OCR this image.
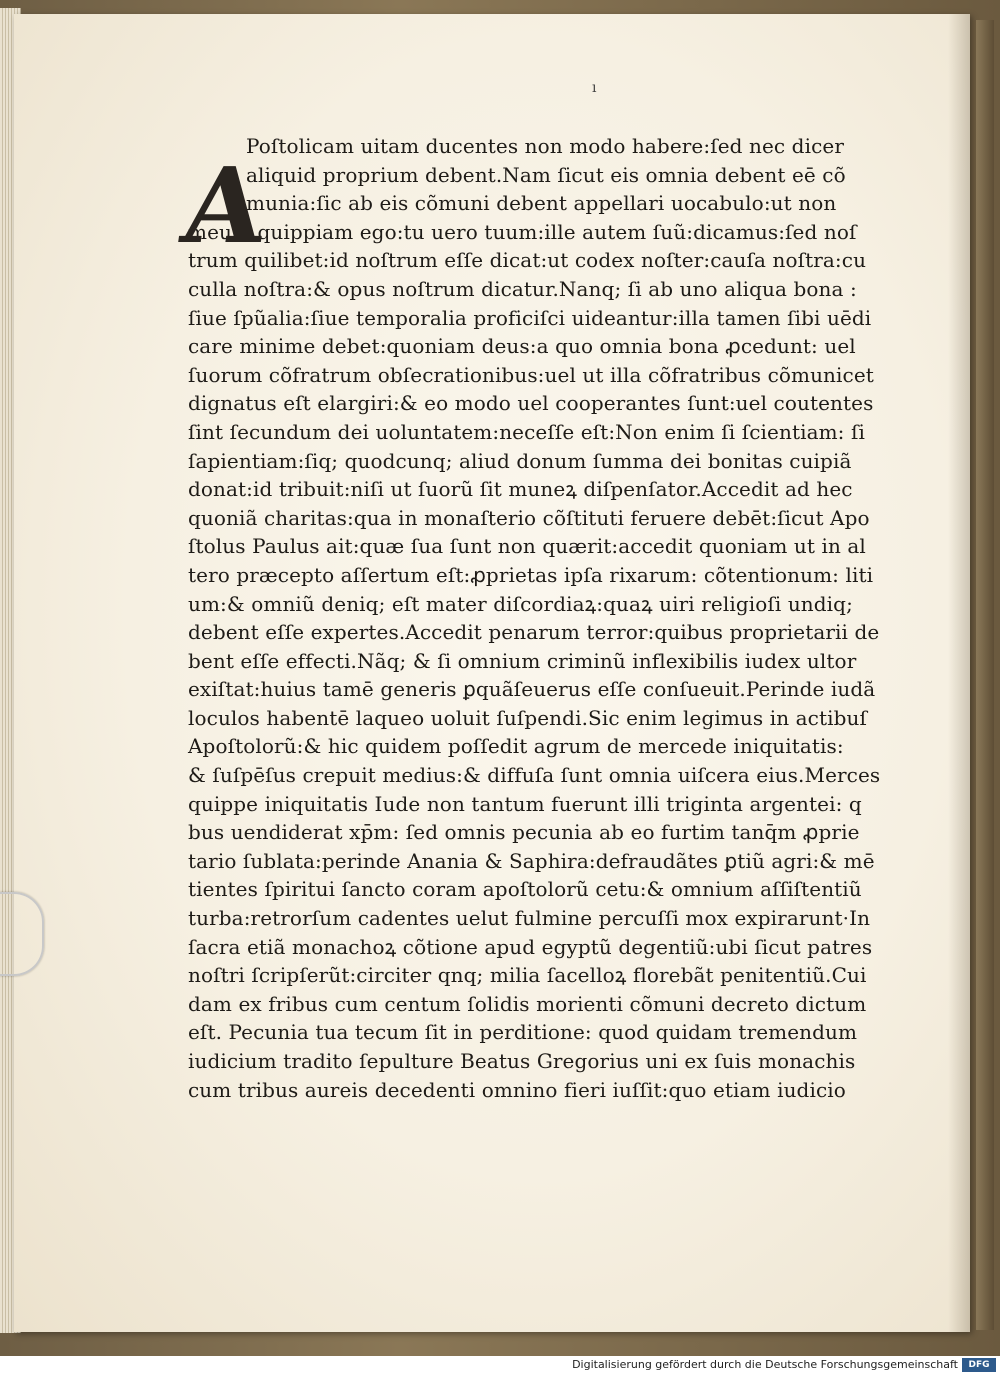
ı
A
Poſtolicam uitam ducentes non modo habere:ſed nec dicer
aliquid proprium debent.Nam ſicut eis omnia debent eē cõ
munia:ſic ab eis cõmuni debent appellari uocabulo:ut non
meum quippiam ego:tu uero tuum:ille autem ſuũ:dicamus:ſed noſ
trum quilibet:id noſtrum eſſe dicat:ut codex noſter:cauſa noſtra:cu
culla noſtra:& opus noſtrum dicatur.Nanq; ſi ab uno aliqua bona :
ſiue ſpũalia:ſiue temporalia proficiſci uideantur:illa tamen ſibi uēdi
care minime debet:quoniam deus:a quo omnia bona ꝓcedunt: uel
ſuorum cõfratrum obſecrationibus:uel ut illa cõfratribus cõmunicet
dignatus eſt elargiri:& eo modo uel cooperantes ſunt:uel coutentes
ſint ſecundum dei uoluntatem:neceſſe eſt:Non enim ſi ſcientiam: ſi
ſapientiam:ſiq; quodcunq; aliud donum ſumma dei bonitas cuipiã
donat:id tribuit:niſi ut ſuorũ ſit muneꝝ diſpenſator.Accedit ad hec
quoniã charitas:qua in monaſterio cõſtituti feruere debēt:ſicut Apo
ſtolus Paulus ait:quæ ſua ſunt non quærit:accedit quoniam ut in al
tero præcepto aſſertum eſt:ꝓprietas ipſa rixarum: cõtentionum: liti
um:& omniũ deniq; eſt mater diſcordiaꝝ:quaꝝ uiri religioſi undiq;
debent eſſe expertes.Accedit penarum terror:quibus proprietarii de
bent eſſe effecti.Nãq; & ſi omnium criminũ inflexibilis iudex ultor
exiſtat:huius tamē generis ꝑquãſeuerus eſſe conſueuit.Perinde iudã
loculos habentē laqueo uoluit ſuſpendi.Sic enim legimus in actibuſ
Apoſtolorũ:& hic quidem poſſedit agrum de mercede iniquitatis:
& ſuſpēſus crepuit medius:& diffuſa ſunt omnia uiſcera eius.Merces
quippe iniquitatis Iude non tantum fuerunt illi triginta argentei: q
bus uendiderat xp̄m: ſed omnis pecunia ab eo furtim tanq̄m ꝓprie
tario ſublata:perinde Anania & Saphira:defraudãtes ꝑtiũ agri:& mē
tientes ſpiritui ſancto coram apoſtolorũ cetu:& omnium aſſiſtentiũ
turba:retrorſum cadentes uelut fulmine percuſſi mox expirarunt·In
ſacra etiã monachoꝝ cõtione apud egyptũ degentiũ:ubi ſicut patres
noſtri ſcripſerũt:circiter qnq; milia ſacelloꝝ florebãt penitentiũ.Cui
dam ex fribus cum centum ſolidis morienti cõmuni decreto dictum
eſt. Pecunia tua tecum ſit in perditione: quod quidam tremendum
iudicium tradito ſepulture Beatus Gregorius uni ex ſuis monachis
cum tribus aureis decedenti omnino fieri iuſſit:quo etiam iudicio
Digitalisierung gefördert durch die Deutsche Forschungsgemeinschaft	DFG
